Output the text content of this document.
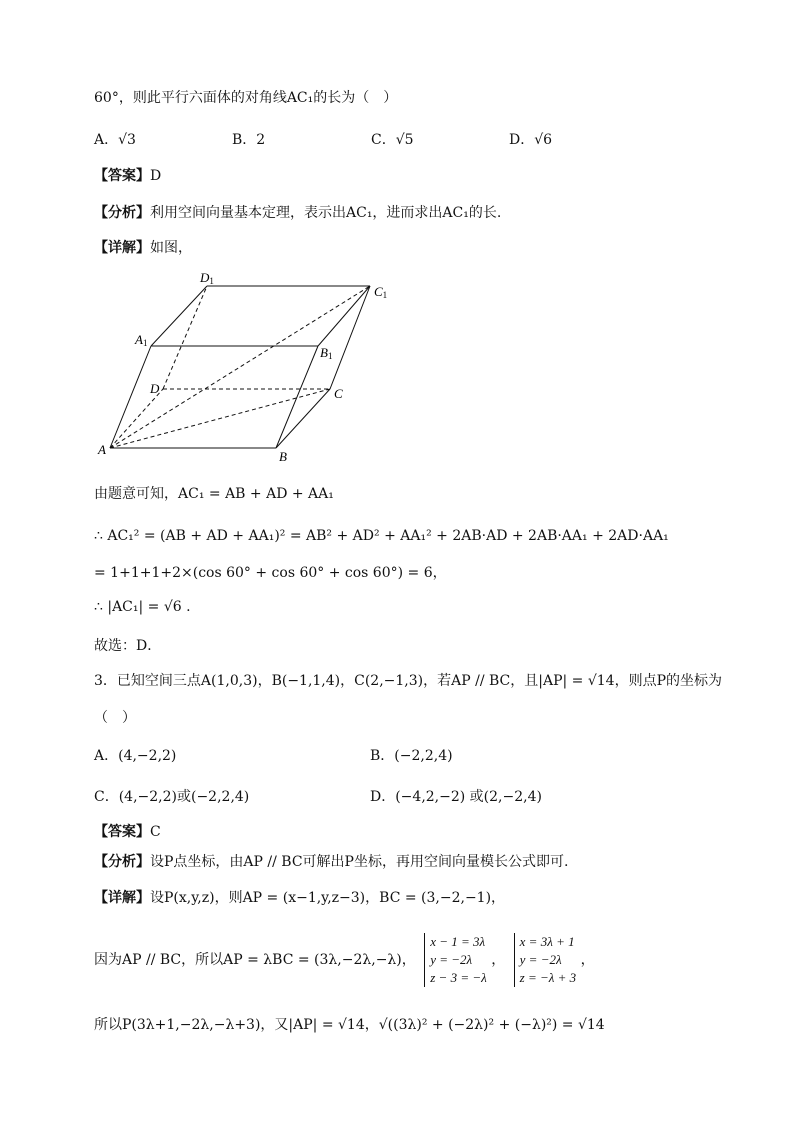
60°，则此平行六面体的对角线AC₁的长为（　）
A．√3	B．2	C．√5	D．√6
【答案】D
【分析】利用空间向量基本定理，表示出AC₁，进而求出AC₁的长.
【详解】如图，
D1
C1
A1
B1
D	C
A	B
由题意可知，AC₁ = AB + AD + AA₁
∴ AC₁² = (AB + AD + AA₁)² = AB² + AD² + AA₁² + 2AB·AD + 2AB·AA₁ + 2AD·AA₁
= 1+1+1+2×(cos 60° + cos 60° + cos 60°) = 6，
∴ |AC₁| = √6 .
故选：D．
3．已知空间三点A(1,0,3)，B(−1,1,4)，C(2,−1,3)，若AP // BC，且|AP| = √14，则点P的坐标为
（　）
A．(4,−2,2)	B．(−2,2,4)
C．(4,−2,2)或(−2,2,4)	D．(−4,2,−2) 或(2,−2,4)
【答案】C
【分析】设P点坐标，由AP // BC可解出P坐标，再用空间向量模长公式即可.
【详解】设P(x,y,z)，则AP = (x−1,y,z−3)，BC = (3,−2,−1)，
因为AP // BC，所以AP = λBC = (3λ,−2λ,−λ)，
x − 1 = 3λ
y = −2λ
z − 3 = −λ
，
x = 3λ + 1
y = −2λ
z = −λ + 3
，
所以P(3λ+1,−2λ,−λ+3)，又|AP| = √14，√((3λ)² + (−2λ)² + (−λ)²) = √14
